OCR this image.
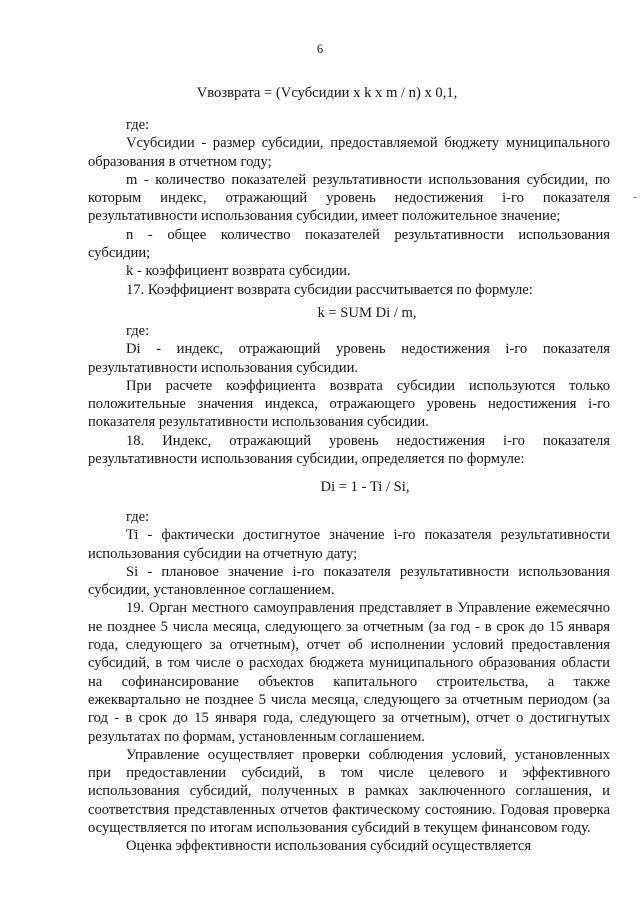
6
Vвозврата = (Vсубсидии x k x m / n) x 0,1,

где:

Vсубсидии - размер субсидии, предоставляемой бюджету муниципального образования в отчетном году;

m - количество показателей результативности использования субсидии, по которым индекс, отражающий уровень недостижения i-го показателя результативности использования субсидии, имеет положительное значение;

n - общее количество показателей результативности использования субсидии;

k - коэффициент возврата субсидии.

17. Коэффициент возврата субсидии рассчитывается по формуле:

k = SUM Di / m,

где:

Di - индекс, отражающий уровень недостижения i-го показателя результативности использования субсидии.

При расчете коэффициента возврата субсидии используются только положительные значения индекса, отражающего уровень недостижения i-го показателя результативности использования субсидии.

18. Индекс, отражающий уровень недостижения i-го показателя результативности использования субсидии, определяется по формуле:

Di = 1 - Ti / Si,

где:

Ti - фактически достигнутое значение i-го показателя результативности использования субсидии на отчетную дату;

Si - плановое значение i-го показателя результативности использования субсидии, установленное соглашением.

19. Орган местного самоуправления представляет в Управление ежемесячно не позднее 5 числа месяца, следующего за отчетным (за год - в срок до 15 января года, следующего за отчетным), отчет об исполнении условий предоставления субсидий, в том числе о расходах бюджета муниципального образования области на софинансирование объектов капитального строительства, а также ежеквартально не позднее 5 числа месяца, следующего за отчетным периодом (за год - в срок до 15 января года, следующего за отчетным), отчет о достигнутых результатах по формам, установленным соглашением.

Управление осуществляет проверки соблюдения условий, установленных при предоставлении субсидий, в том числе целевого и эффективного использования субсидий, полученных в рамках заключенного соглашения, и соответствия представленных отчетов фактическому состоянию. Годовая проверка осуществляется по итогам использования субсидий в текущем финансовом году.

Оценка эффективности использования субсидий осуществляется
